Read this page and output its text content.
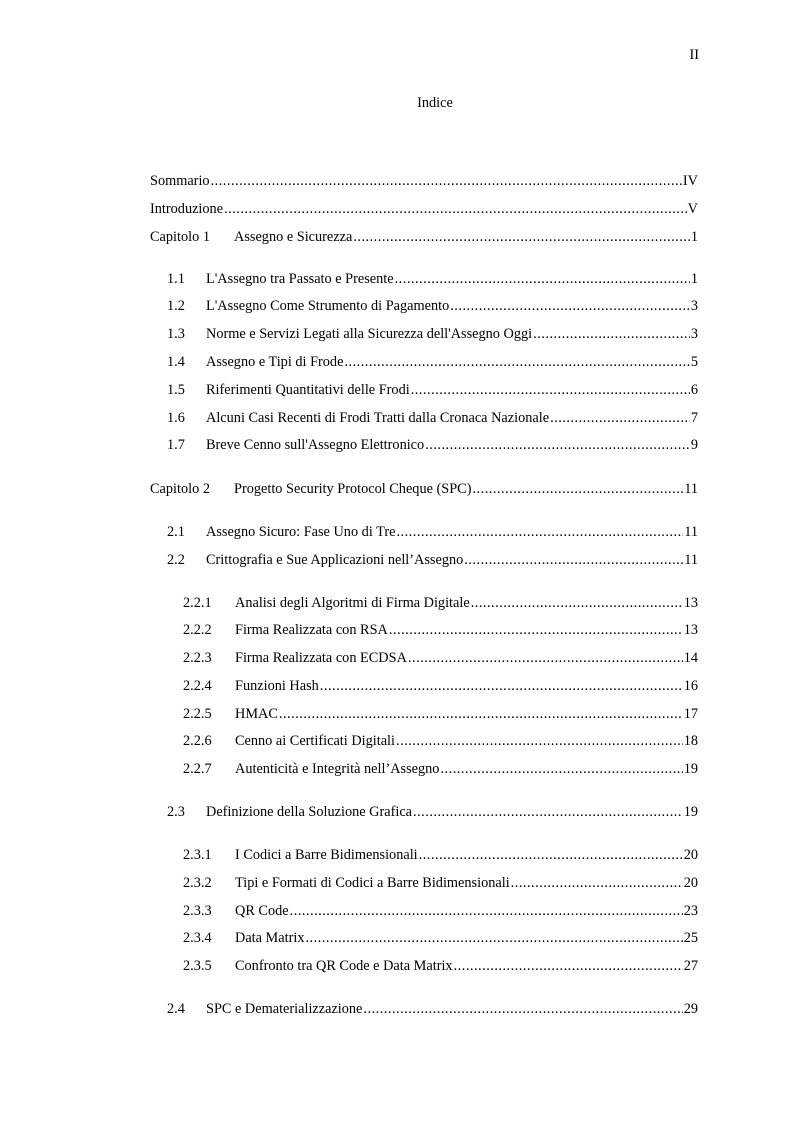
II
Indice
Sommario .....	IV
Introduzione .....	V
Capitolo 1	Assegno e Sicurezza .....	1
1.1	L'Assegno tra Passato e Presente .....	1
1.2	L'Assegno Come Strumento di Pagamento .....	3
1.3	Norme e Servizi Legati alla Sicurezza dell'Assegno Oggi .....	3
1.4	Assegno e Tipi di Frode .....	5
1.5	Riferimenti Quantitativi delle Frodi .....	6
1.6	Alcuni Casi Recenti di Frodi Tratti dalla Cronaca Nazionale .....	7
1.7	Breve Cenno sull'Assegno Elettronico .....	9
Capitolo 2	Progetto Security Protocol Cheque (SPC) .....	11
2.1	Assegno Sicuro: Fase Uno di Tre .....	11
2.2	Crittografia e Sue Applicazioni nell’Assegno .....	11
2.2.1	Analisi degli Algoritmi di Firma Digitale .....	13
2.2.2	Firma Realizzata con RSA .....	13
2.2.3	Firma Realizzata con ECDSA .....	14
2.2.4	Funzioni Hash .....	16
2.2.5	HMAC .....	17
2.2.6	Cenno ai Certificati Digitali .....	18
2.2.7	Autenticità e Integrità nell’Assegno .....	19
2.3	Definizione della Soluzione Grafica .....	19
2.3.1	I Codici a Barre Bidimensionali .....	20
2.3.2	Tipi e Formati di Codici a Barre Bidimensionali .....	20
2.3.3	QR Code .....	23
2.3.4	Data Matrix .....	25
2.3.5	Confronto tra QR Code e Data Matrix .....	27
2.4	SPC e Dematerializzazione .....	29
